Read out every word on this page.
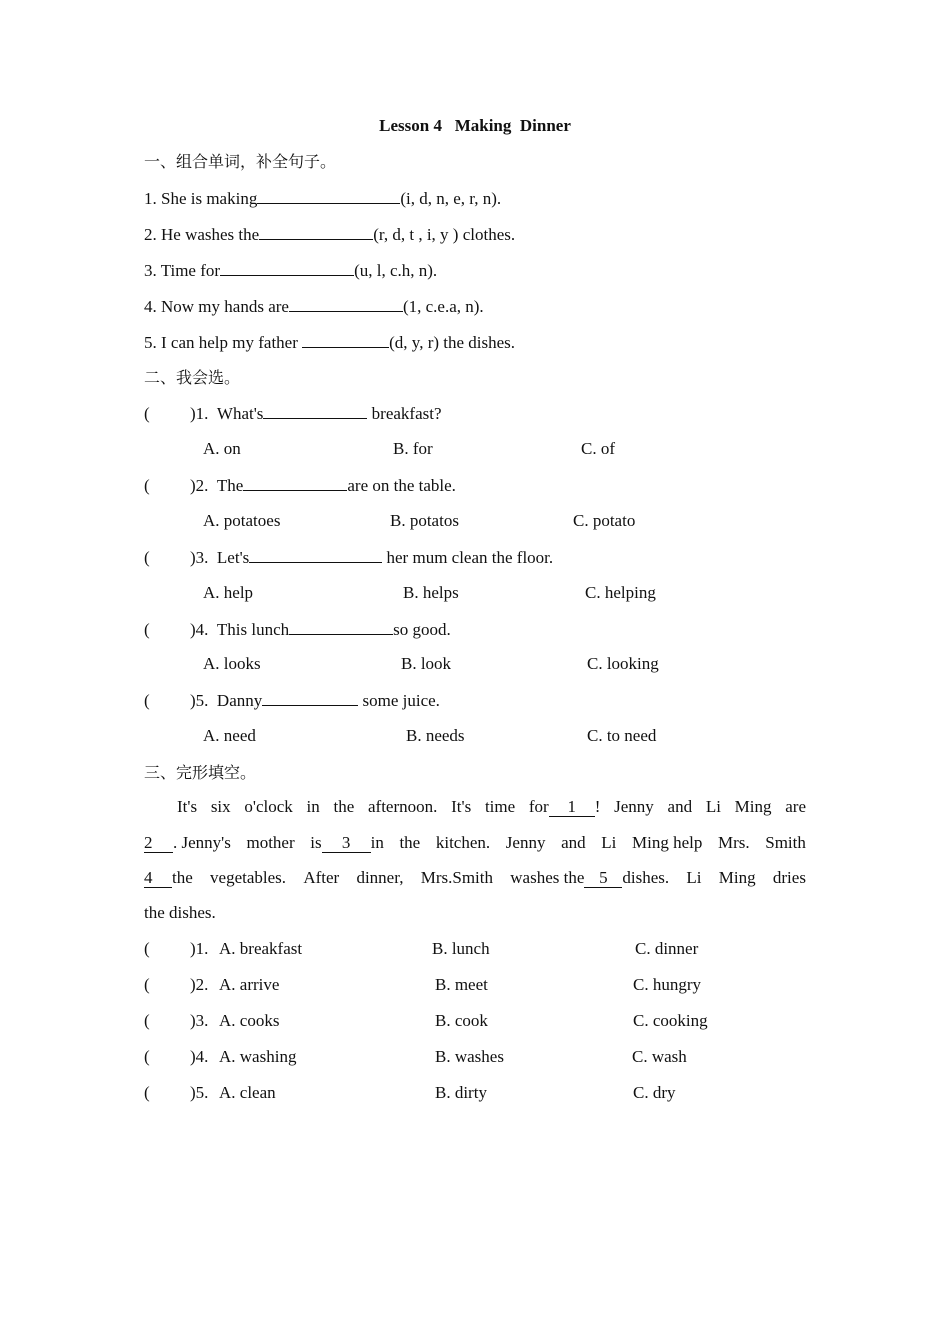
Lesson 4   Making  Dinner
一、组合单词，补全句子。
1. She is making	(i, d, n, e, r, n).
2. He washes the	(r, d, t , i, y ) clothes.
3. Time for	(u, l, c.h, n).
4. Now my hands are	(1, c.e.a, n).
5. I can help my father	(d, y, r) the dishes.
二、我会选。
( )1. What's	breakfast?
A. on	B. for	C. of
( )2. The	are on the table.
A. potatoes	B. potatos	C. potato
( )3. Let's	her mum clean the floor.
A. help	B. helps	C. helping
( )4. This lunch	so good.
A. looks	B. look	C. looking
( )5. Danny	some juice.
A. need	B. needs	C. to need
三、完形填空。
It's six o'clock in the afternoon. It's time for 1 ! Jenny and Li Ming are
2 . Jenny's mother is 3 in the kitchen. Jenny and Li Ming help Mrs. Smith
4 the vegetables. After dinner, Mrs.Smith washes the 5 dishes. Li Ming dries
the dishes.
( )1. A. breakfast	B. lunch	C. dinner
( )2. A. arrive	B. meet	C. hungry
( )3. A. cooks	B. cook	C. cooking
( )4. A. washing	B. washes	C. wash
( )5. A. clean	B. dirty	C. dry
